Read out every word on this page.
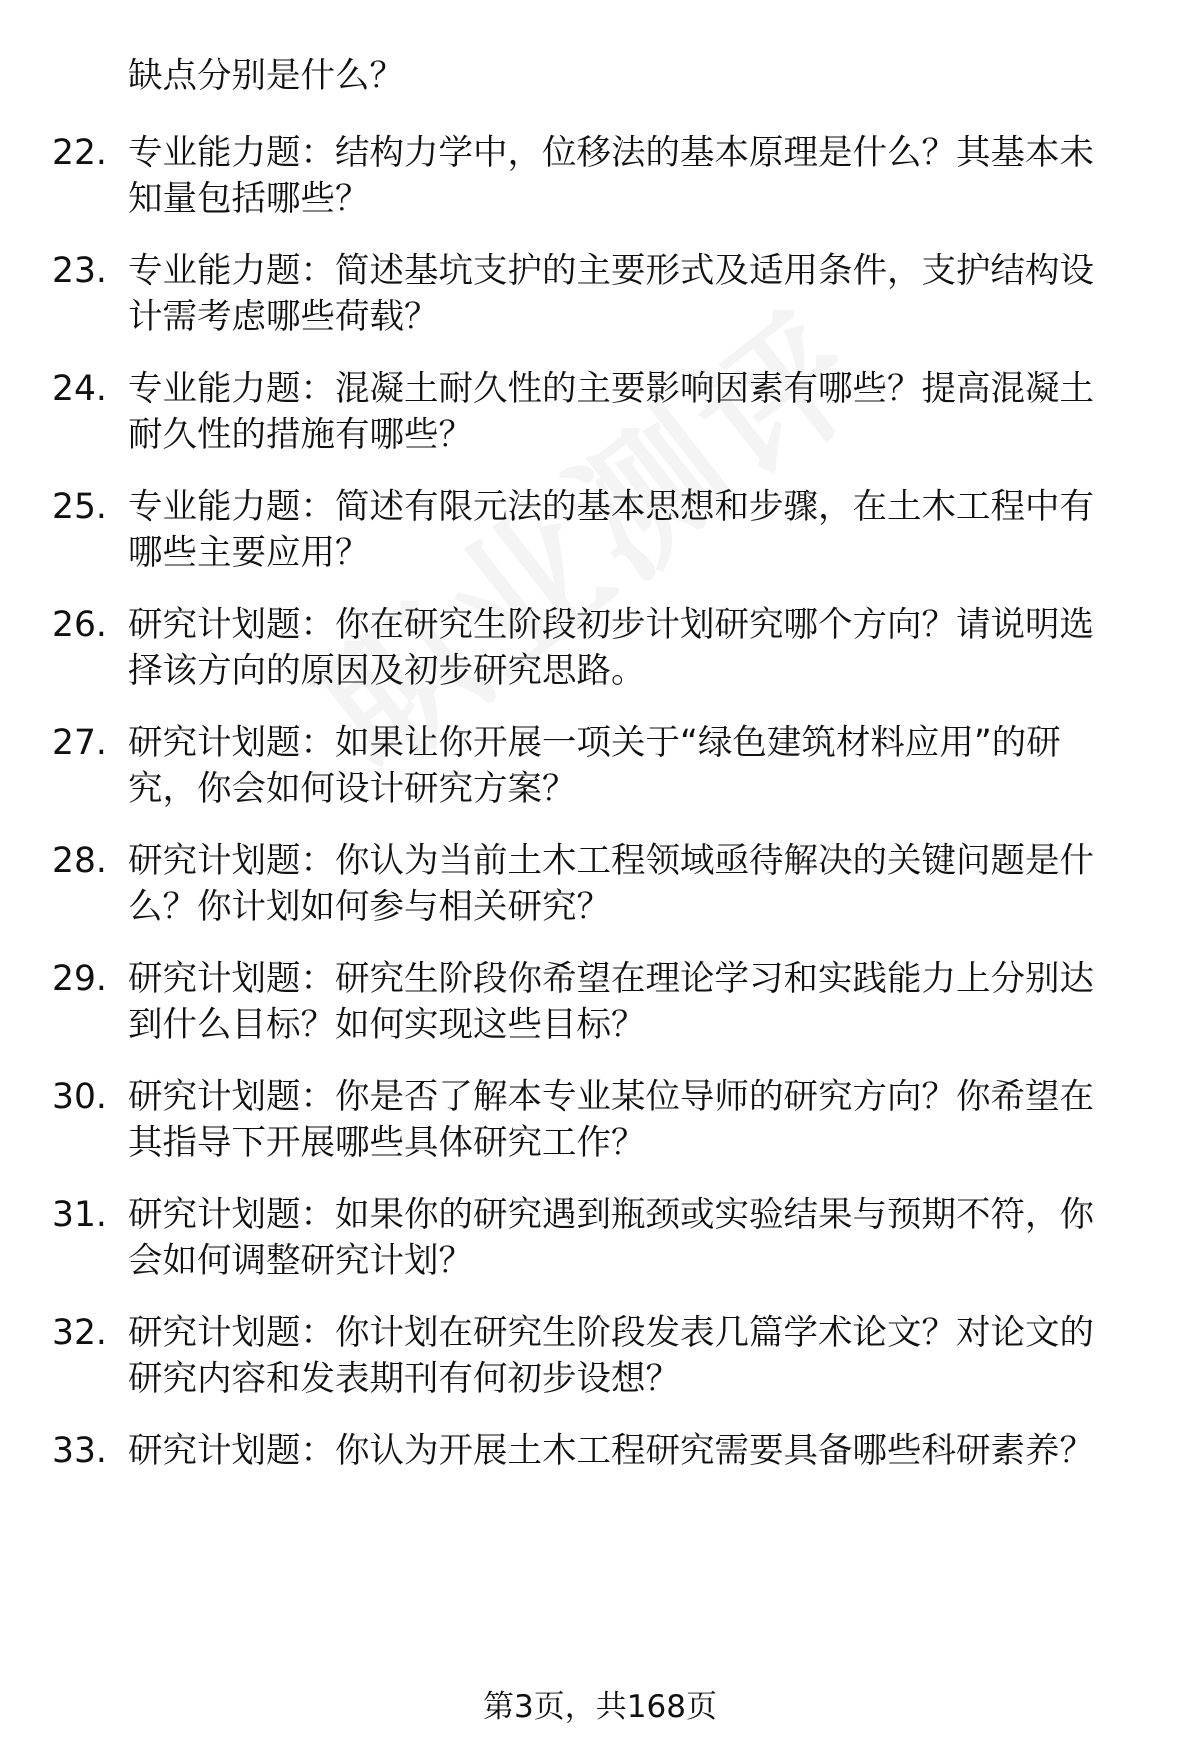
缺点分别是什么？
22. 专业能力题：结构力学中，位移法的基本原理是什么？其基本未
知量包括哪些？
23. 专业能力题：简述基坑支护的主要形式及适用条件，支护结构设
计需考虑哪些荷载？
24. 专业能力题：混凝土耐久性的主要影响因素有哪些？提高混凝土
耐久性的措施有哪些？
25. 专业能力题：简述有限元法的基本思想和步骤，在土木工程中有
哪些主要应用？
26. 研究计划题：你在研究生阶段初步计划研究哪个方向？请说明选
择该方向的原因及初步研究思路。
27. 研究计划题：如果让你开展一项关于“绿色建筑材料应用”的研
究，你会如何设计研究方案？
28. 研究计划题：你认为当前土木工程领域亟待解决的关键问题是什
么？你计划如何参与相关研究？
29. 研究计划题：研究生阶段你希望在理论学习和实践能力上分别达
到什么目标？如何实现这些目标？
30. 研究计划题：你是否了解本专业某位导师的研究方向？你希望在
其指导下开展哪些具体研究工作？
31. 研究计划题：如果你的研究遇到瓶颈或实验结果与预期不符，你
会如何调整研究计划？
32. 研究计划题：你计划在研究生阶段发表几篇学术论文？对论文的
研究内容和发表期刊有何初步设想？
33. 研究计划题：你认为开展土木工程研究需要具备哪些科研素养？
第3页，共168页
